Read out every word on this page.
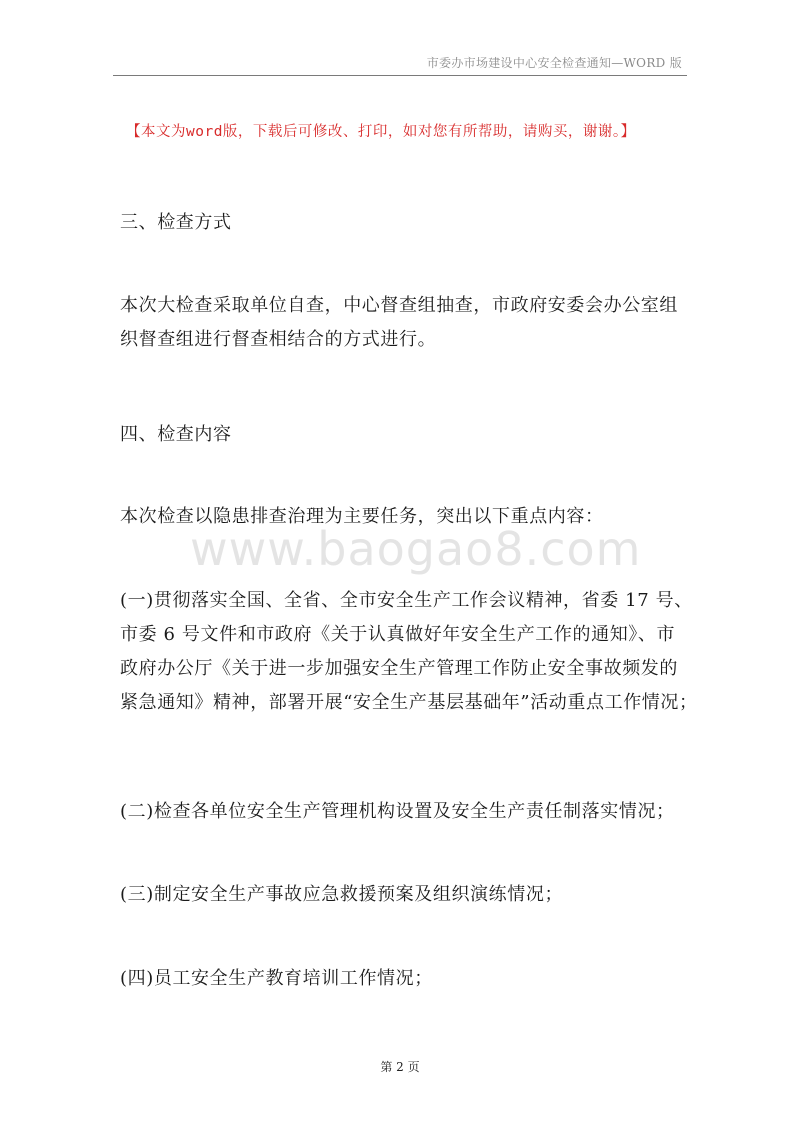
市委办市场建设中心安全检查通知—WORD 版
【本文为word版，下载后可修改、打印，如对您有所帮助，请购买，谢谢。】

三、检查方式

本次大检查采取单位自查，中心督查组抽查，市政府安委会办公室组
织督查组进行督查相结合的方式进行。

四、检查内容

本次检查以隐患排查治理为主要任务，突出以下重点内容：

www.baogao8.com

(一)贯彻落实全国、全省、全市安全生产工作会议精神，省委 17 号、
市委 6 号文件和市政府《关于认真做好年安全生产工作的通知》、市
政府办公厅《关于进一步加强安全生产管理工作防止安全事故频发的
紧急通知》精神，部署开展“安全生产基层基础年”活动重点工作情况；

(二)检查各单位安全生产管理机构设置及安全生产责任制落实情况；

(三)制定安全生产事故应急救援预案及组织演练情况；

(四)员工安全生产教育培训工作情况；

第 2 页
